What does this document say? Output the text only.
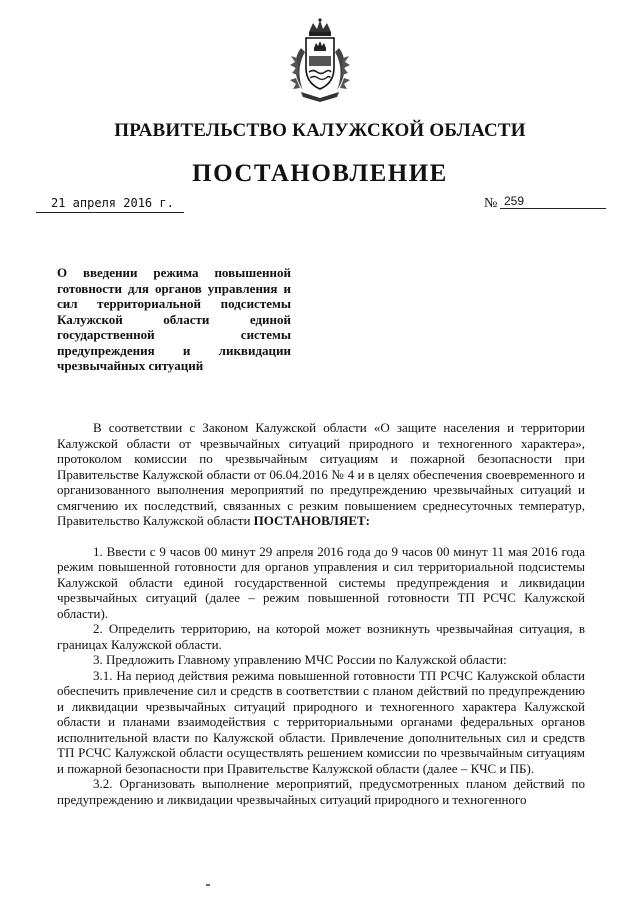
ПРАВИТЕЛЬСТВО КАЛУЖСКОЙ ОБЛАСТИ
ПОСТАНОВЛЕНИЕ
21 апреля 2016 г.	№ 259
О введении режима повышенной готовности для органов управления и сил территориальной подсистемы Калужской области единой государственной системы предупреждения и ликвидации чрезвычайных ситуаций

В соответствии с Законом Калужской области «О защите населения и территории Калужской области от чрезвычайных ситуаций природного и техногенного характера», протоколом комиссии по чрезвычайным ситуациям и пожарной безопасности при Правительстве Калужской области от 06.04.2016 № 4 и в целях обеспечения своевременного и организованного выполнения мероприятий по предупреждению чрезвычайных ситуаций и смягчению их последствий, связанных с резким повышением среднесуточных температур, Правительство Калужской области ПОСТАНОВЛЯЕТ:

1. Ввести с 9 часов 00 минут 29 апреля 2016 года до 9 часов 00 минут 11 мая 2016 года режим повышенной готовности для органов управления и сил территориальной подсистемы Калужской области единой государственной системы предупреждения и ликвидации чрезвычайных ситуаций (далее – режим повышенной готовности ТП РСЧС Калужской области).

2. Определить территорию, на которой может возникнуть чрезвычайная ситуация, в границах Калужской области.

3. Предложить Главному управлению МЧС России по Калужской области:

3.1. На период действия режима повышенной готовности ТП РСЧС Калужской области обеспечить привлечение сил и средств в соответствии с планом действий по предупреждению и ликвидации чрезвычайных ситуаций природного и техногенного характера Калужской области и планами взаимодействия с территориальными органами федеральных органов исполнительной власти по Калужской области. Привлечение дополнительных сил и средств ТП РСЧС Калужской области осуществлять решением комиссии по чрезвычайным ситуациям и пожарной безопасности при Правительстве Калужской области (далее – КЧС и ПБ).

3.2. Организовать выполнение мероприятий, предусмотренных планом действий по предупреждению и ликвидации чрезвычайных ситуаций природного и техногенного
